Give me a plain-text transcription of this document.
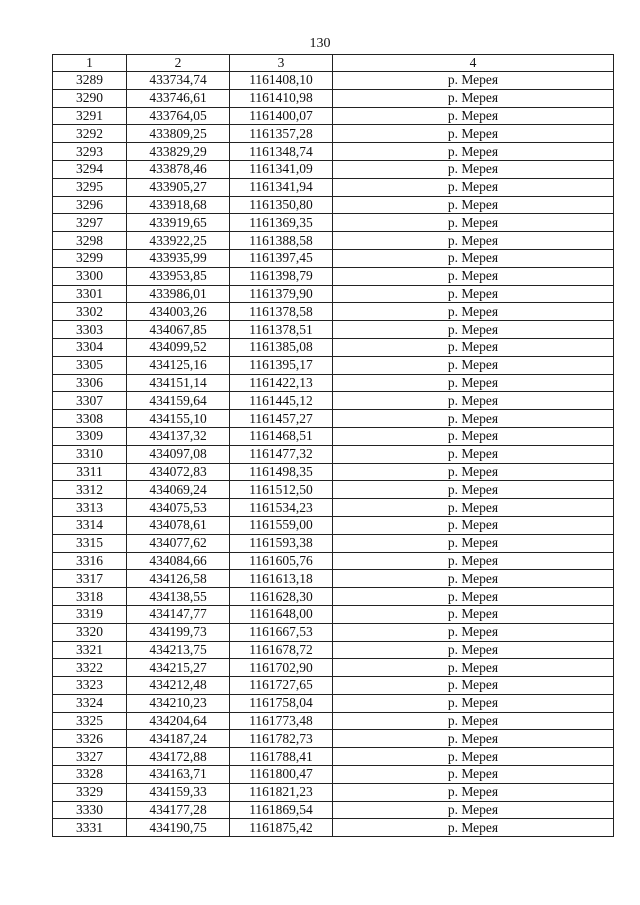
130
1	2	3	4
3289	433734,74	1161408,10	р. Мерея
3290	433746,61	1161410,98	р. Мерея
3291	433764,05	1161400,07	р. Мерея
3292	433809,25	1161357,28	р. Мерея
3293	433829,29	1161348,74	р. Мерея
3294	433878,46	1161341,09	р. Мерея
3295	433905,27	1161341,94	р. Мерея
3296	433918,68	1161350,80	р. Мерея
3297	433919,65	1161369,35	р. Мерея
3298	433922,25	1161388,58	р. Мерея
3299	433935,99	1161397,45	р. Мерея
3300	433953,85	1161398,79	р. Мерея
3301	433986,01	1161379,90	р. Мерея
3302	434003,26	1161378,58	р. Мерея
3303	434067,85	1161378,51	р. Мерея
3304	434099,52	1161385,08	р. Мерея
3305	434125,16	1161395,17	р. Мерея
3306	434151,14	1161422,13	р. Мерея
3307	434159,64	1161445,12	р. Мерея
3308	434155,10	1161457,27	р. Мерея
3309	434137,32	1161468,51	р. Мерея
3310	434097,08	1161477,32	р. Мерея
3311	434072,83	1161498,35	р. Мерея
3312	434069,24	1161512,50	р. Мерея
3313	434075,53	1161534,23	р. Мерея
3314	434078,61	1161559,00	р. Мерея
3315	434077,62	1161593,38	р. Мерея
3316	434084,66	1161605,76	р. Мерея
3317	434126,58	1161613,18	р. Мерея
3318	434138,55	1161628,30	р. Мерея
3319	434147,77	1161648,00	р. Мерея
3320	434199,73	1161667,53	р. Мерея
3321	434213,75	1161678,72	р. Мерея
3322	434215,27	1161702,90	р. Мерея
3323	434212,48	1161727,65	р. Мерея
3324	434210,23	1161758,04	р. Мерея
3325	434204,64	1161773,48	р. Мерея
3326	434187,24	1161782,73	р. Мерея
3327	434172,88	1161788,41	р. Мерея
3328	434163,71	1161800,47	р. Мерея
3329	434159,33	1161821,23	р. Мерея
3330	434177,28	1161869,54	р. Мерея
3331	434190,75	1161875,42	р. Мерея
